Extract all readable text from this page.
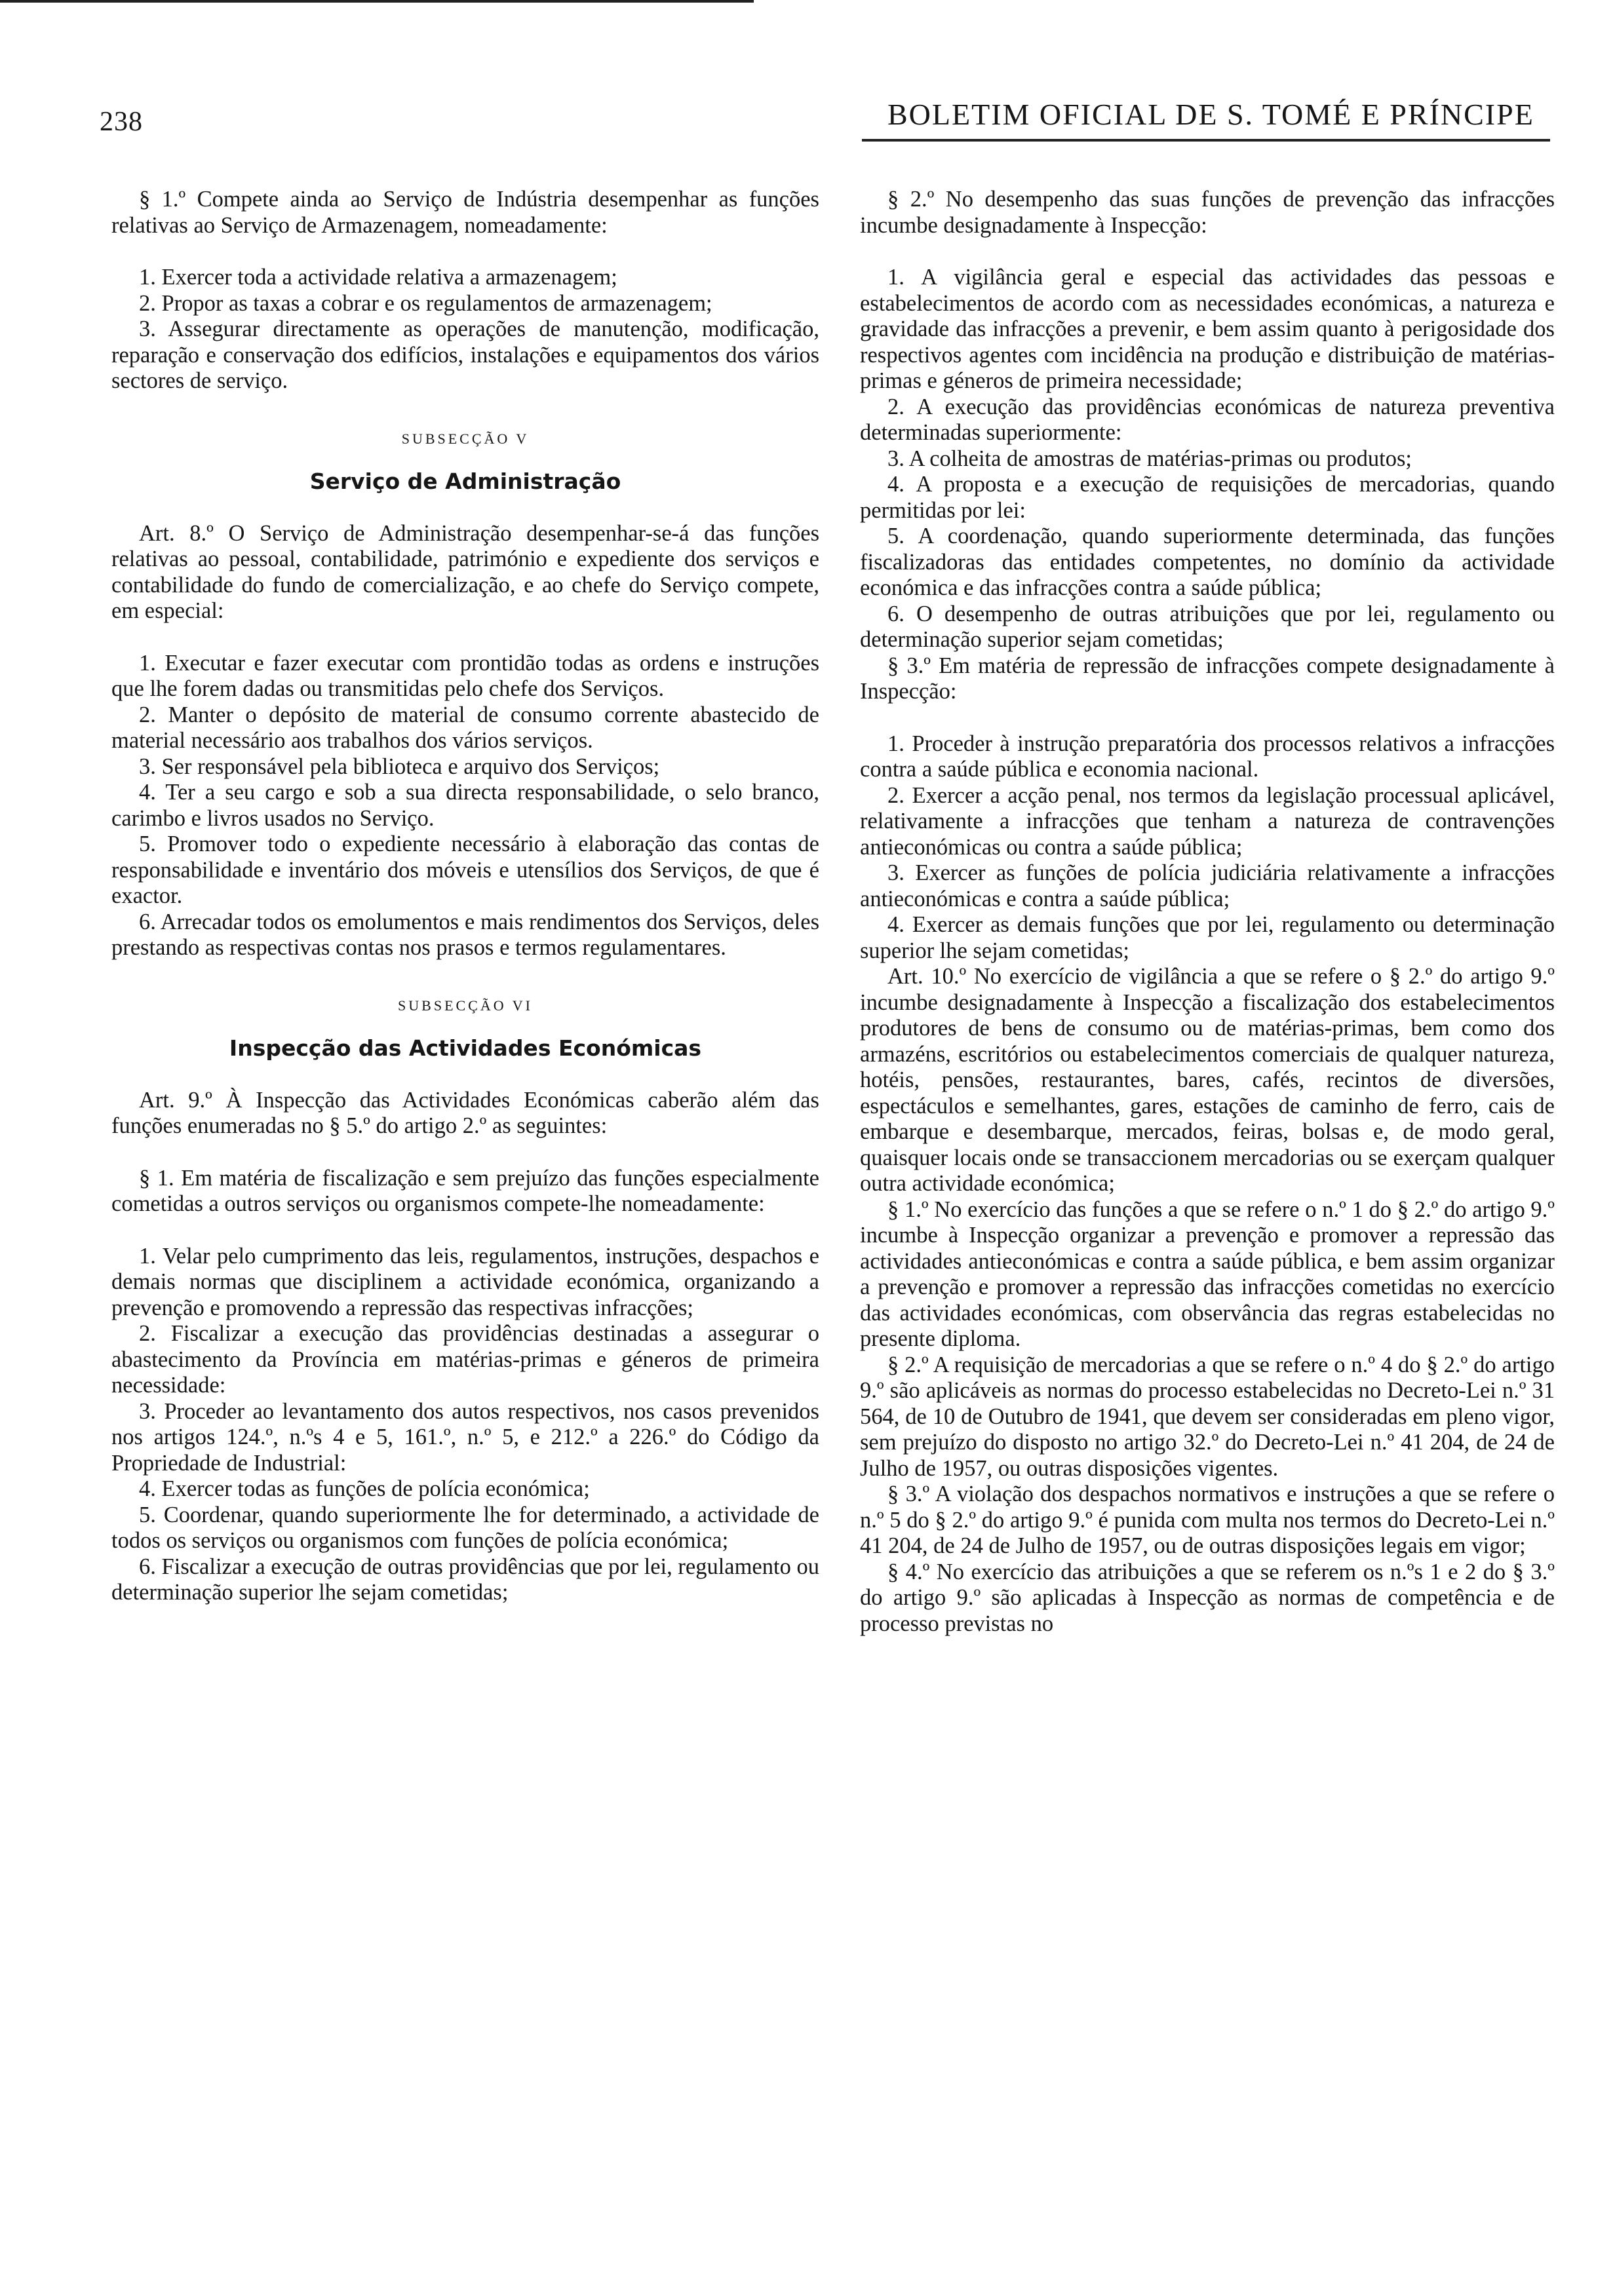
238	BOLETIM OFICIAL DE S. TOMÉ E PRÍNCIPE

§ 1.º Compete ainda ao Serviço de Indústria desempenhar as funções relativas ao Serviço de Armazenagem, nomeadamente:

1. Exercer toda a actividade relativa a armazenagem;

2. Propor as taxas a cobrar e os regulamentos de armazenagem;

3. Assegurar directamente as operações de manutenção, modificação, reparação e conservação dos edifícios, instalações e equipamentos dos vários sectores de serviço.

SUBSECÇÃO V

Serviço de Administração

Art. 8.º O Serviço de Administração desempenhar-se-á das funções relativas ao pessoal, contabilidade, património e expediente dos serviços e contabilidade do fundo de comercialização, e ao chefe do Serviço compete, em especial:

1. Executar e fazer executar com prontidão todas as ordens e instruções que lhe forem dadas ou transmitidas pelo chefe dos Serviços.

2. Manter o depósito de material de consumo corrente abastecido de material necessário aos trabalhos dos vários serviços.

3. Ser responsável pela biblioteca e arquivo dos Serviços;

4. Ter a seu cargo e sob a sua directa responsabilidade, o selo branco, carimbo e livros usados no Serviço.

5. Promover todo o expediente necessário à elaboração das contas de responsabilidade e inventário dos móveis e utensílios dos Serviços, de que é exactor.

6. Arrecadar todos os emolumentos e mais rendimentos dos Serviços, deles prestando as respectivas contas nos prasos e termos regulamentares.

SUBSECÇÃO VI

Inspecção das Actividades Económicas

Art. 9.º À Inspecção das Actividades Económicas caberão além das funções enumeradas no § 5.º do artigo 2.º as seguintes:

§ 1. Em matéria de fiscalização e sem prejuízo das funções especialmente cometidas a outros serviços ou organismos compete-lhe nomeadamente:

1. Velar pelo cumprimento das leis, regulamentos, instruções, despachos e demais normas que disciplinem a actividade económica, organizando a prevenção e promovendo a repressão das respectivas infracções;

2. Fiscalizar a execução das providências destinadas a assegurar o abastecimento da Província em matérias-primas e géneros de primeira necessidade:

3. Proceder ao levantamento dos autos respectivos, nos casos prevenidos nos artigos 124.º, n.ºs 4 e 5, 161.º, n.º 5, e 212.º a 226.º do Código da Propriedade de Industrial:

4. Exercer todas as funções de polícia económica;

5. Coordenar, quando superiormente lhe for determinado, a actividade de todos os serviços ou organismos com funções de polícia económica;

6. Fiscalizar a execução de outras providências que por lei, regulamento ou determinação superior lhe sejam cometidas;

§ 2.º No desempenho das suas funções de prevenção das infracções incumbe designadamente à Inspecção:

1. A vigilância geral e especial das actividades das pessoas e estabelecimentos de acordo com as necessidades económicas, a natureza e gravidade das infracções a prevenir, e bem assim quanto à perigosidade dos respectivos agentes com incidência na produção e distribuição de matérias-primas e géneros de primeira necessidade;

2. A execução das providências económicas de natureza preventiva determinadas superiormente:

3. A colheita de amostras de matérias-primas ou produtos;

4. A proposta e a execução de requisições de mercadorias, quando permitidas por lei:

5. A coordenação, quando superiormente determinada, das funções fiscalizadoras das entidades competentes, no domínio da actividade económica e das infracções contra a saúde pública;

6. O desempenho de outras atribuições que por lei, regulamento ou determinação superior sejam cometidas;

§ 3.º Em matéria de repressão de infracções compete designadamente à Inspecção:

1. Proceder à instrução preparatória dos processos relativos a infracções contra a saúde pública e economia nacional.

2. Exercer a acção penal, nos termos da legislação processual aplicável, relativamente a infracções que tenham a natureza de contravenções antieconómicas ou contra a saúde pública;

3. Exercer as funções de polícia judiciária relativamente a infracções antieconómicas e contra a saúde pública;

4. Exercer as demais funções que por lei, regulamento ou determinação superior lhe sejam cometidas;

Art. 10.º No exercício de vigilância a que se refere o § 2.º do artigo 9.º incumbe designadamente à Inspecção a fiscalização dos estabelecimentos produtores de bens de consumo ou de matérias-primas, bem como dos armazéns, escritórios ou estabelecimentos comerciais de qualquer natureza, hotéis, pensões, restaurantes, bares, cafés, recintos de diversões, espectáculos e semelhantes, gares, estações de caminho de ferro, cais de embarque e desembarque, mercados, feiras, bolsas e, de modo geral, quaisquer locais onde se transaccionem mercadorias ou se exerçam qualquer outra actividade económica;

§ 1.º No exercício das funções a que se refere o n.º 1 do § 2.º do artigo 9.º incumbe à Inspecção organizar a prevenção e promover a repressão das actividades antieconómicas e contra a saúde pública, e bem assim organizar a prevenção e promover a repressão das infracções cometidas no exercício das actividades económicas, com observância das regras estabelecidas no presente diploma.

§ 2.º A requisição de mercadorias a que se refere o n.º 4 do § 2.º do artigo 9.º são aplicáveis as normas do processo estabelecidas no Decreto-Lei n.º 31 564, de 10 de Outubro de 1941, que devem ser consideradas em pleno vigor, sem prejuízo do disposto no artigo 32.º do Decreto-Lei n.º 41 204, de 24 de Julho de 1957, ou outras disposições vigentes.

§ 3.º A violação dos despachos normativos e instruções a que se refere o n.º 5 do § 2.º do artigo 9.º é punida com multa nos termos do Decreto-Lei n.º 41 204, de 24 de Julho de 1957, ou de outras disposições legais em vigor;

§ 4.º No exercício das atribuições a que se referem os n.ºs 1 e 2 do § 3.º do artigo 9.º são aplicadas à Inspecção as normas de competência e de processo previstas no
